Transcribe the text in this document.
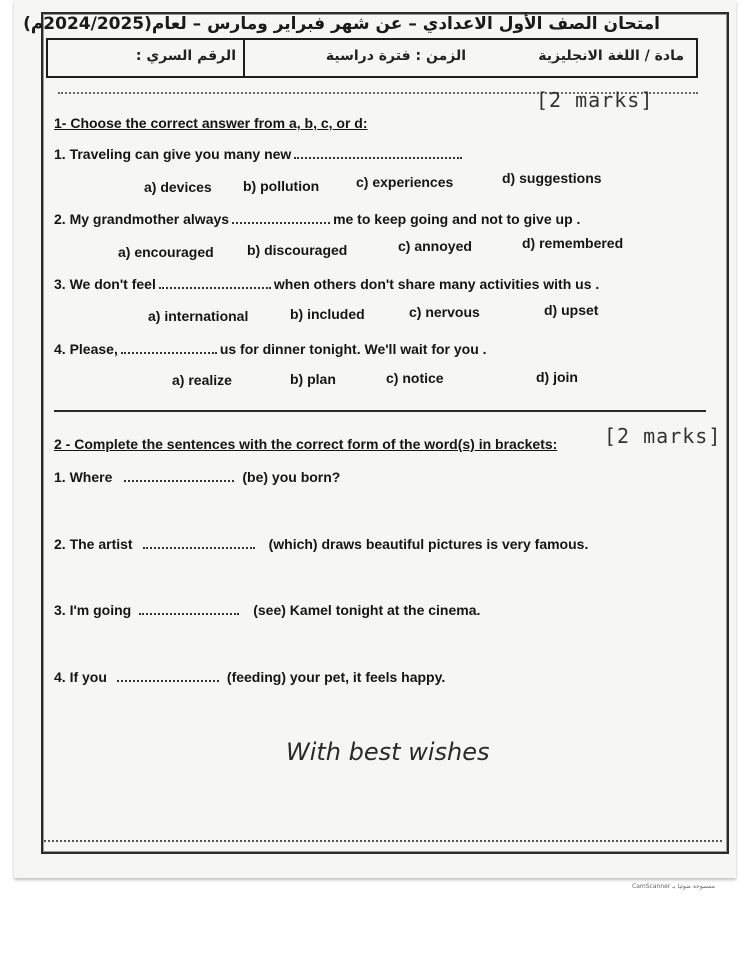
امتحان الصف الأول الاعدادي – عن شهر فبراير ومارس – لعام(2024/2025م)
مادة / اللغة الانجليزية
الزمن : فترة دراسية
الرقم السري :
[2 marks]
1- Choose the correct answer from a, b, c, or d:
1. Traveling can give you many new
a) devices b) pollution	c) experiences	d) suggestions
2. My grandmother always	me to keep going and not to give up .
a) encouraged b) discouraged	c) annoyed	d) remembered
3. We don't feel	when others don't share many activities with us .
a) international	b) included	c) nervous	d) upset
4. Please,	us for dinner tonight. We'll wait for you .
a) realize	b) plan	c) notice	d) join
2 - Complete the sentences with the correct form of the word(s) in brackets: [2 marks]
1. Where	(be) you born?
2. The artist	(which) draws beautiful pictures is very famous.
3. I'm going	(see) Kamel tonight at the cinema.
4. If you	(feeding) your pet, it feels happy.
With best wishes
CamScanner ممسوحة ضوئيا بـ
